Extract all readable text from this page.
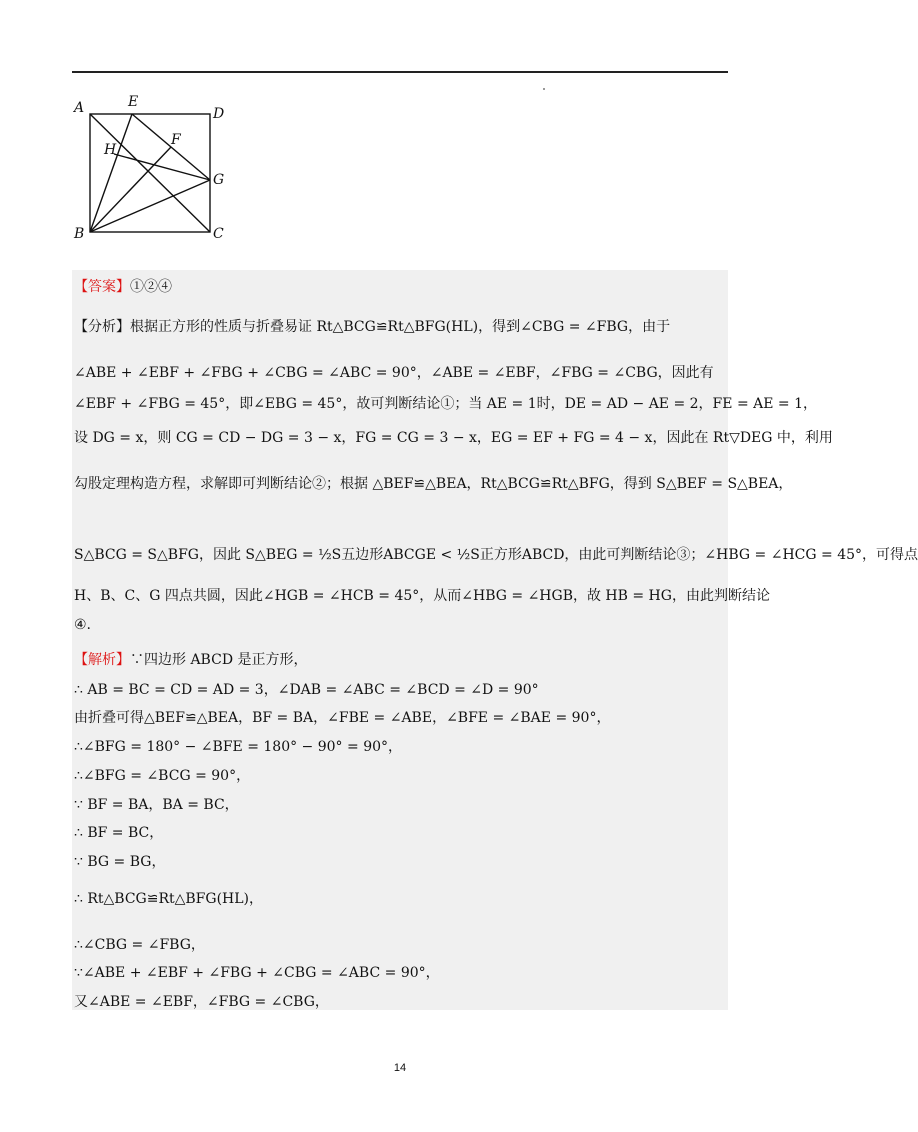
A	E
D
H
F
G
B	C
【答案】①②④
【分析】根据正方形的性质与折叠易证 Rt△BCG≌Rt△BFG(HL)，得到∠CBG = ∠FBG，由于
∠ABE + ∠EBF + ∠FBG + ∠CBG = ∠ABC = 90°，∠ABE = ∠EBF，∠FBG = ∠CBG，因此有
∠EBF + ∠FBG = 45°，即∠EBG = 45°，故可判断结论①；当 AE = 1时，DE = AD − AE = 2，FE = AE = 1，
设 DG = x，则 CG = CD − DG = 3 − x，FG = CG = 3 − x，EG = EF + FG = 4 − x，因此在 Rt▽DEG 中，利用
勾股定理构造方程，求解即可判断结论②；根据 △BEF≌△BEA，Rt△BCG≌Rt△BFG，得到 S△BEF = S△BEA，
S△BCG = S△BFG，因此 S△BEG = ½S五边形ABCGE < ½S正方形ABCD，由此可判断结论③；∠HBG = ∠HCG = 45°，可得点
H、B、C、G 四点共圆，因此∠HGB = ∠HCB = 45°，从而∠HBG = ∠HGB，故 HB = HG，由此判断结论
④.
【解析】∵四边形 ABCD 是正方形，
∴ AB = BC = CD = AD = 3，∠DAB = ∠ABC = ∠BCD = ∠D = 90°
由折叠可得△BEF≌△BEA，BF = BA，∠FBE = ∠ABE，∠BFE = ∠BAE = 90°，
∴∠BFG = 180° − ∠BFE = 180° − 90° = 90°，
∴∠BFG = ∠BCG = 90°，
∵ BF = BA，BA = BC，
∴ BF = BC，
∵ BG = BG，
∴ Rt△BCG≌Rt△BFG(HL)，
∴∠CBG = ∠FBG，
∵∠ABE + ∠EBF + ∠FBG + ∠CBG = ∠ABC = 90°，
又∠ABE = ∠EBF，∠FBG = ∠CBG，
14
